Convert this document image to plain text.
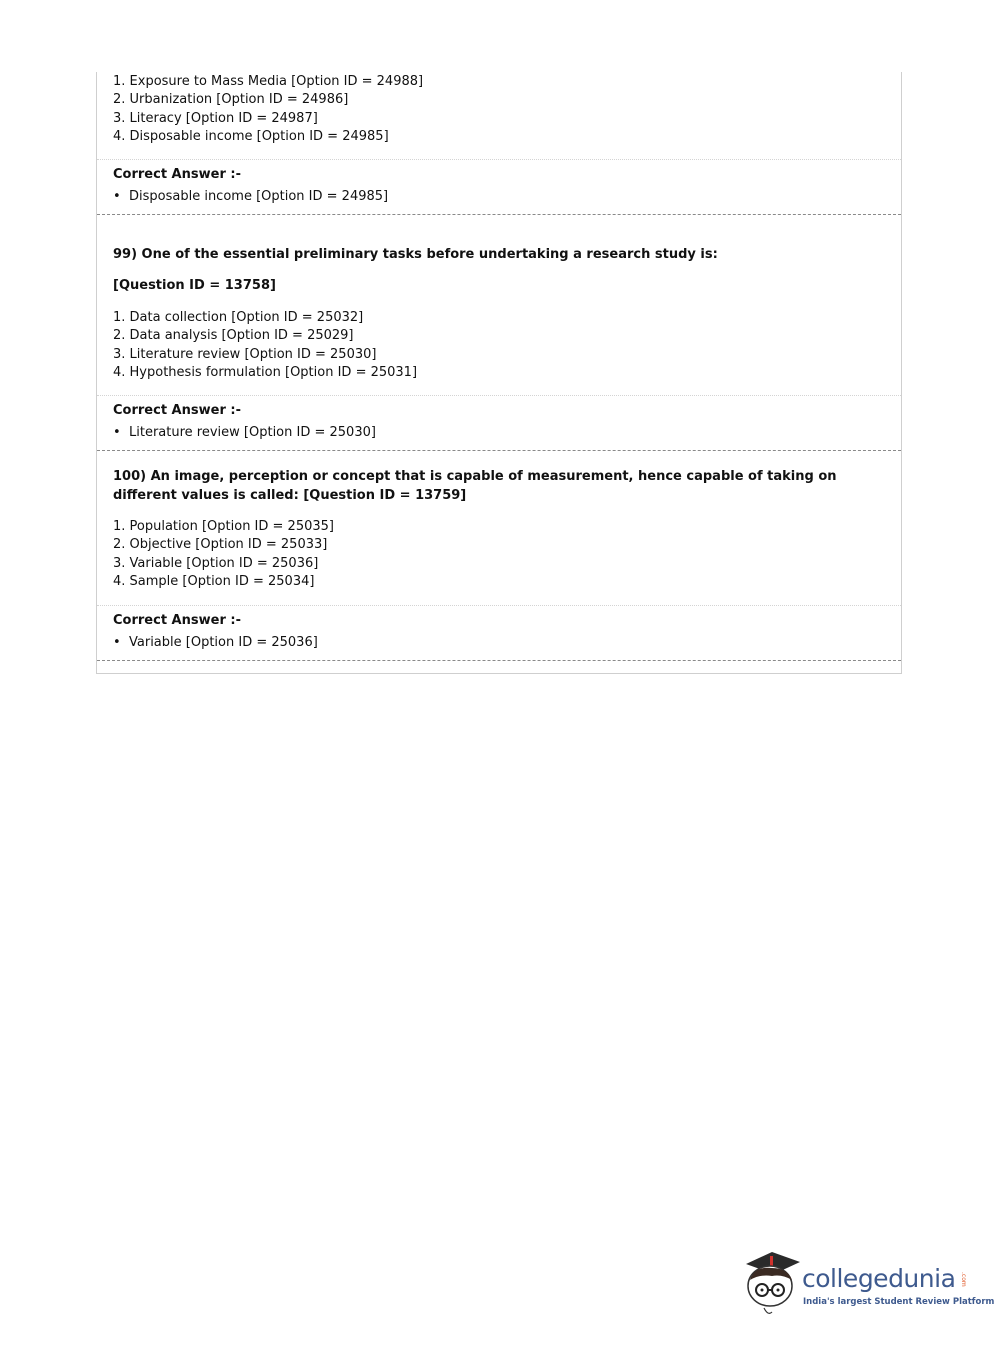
1. Exposure to Mass Media [Option ID = 24988]
2. Urbanization [Option ID = 24986]
3. Literacy [Option ID = 24987]
4. Disposable income [Option ID = 24985]
Correct Answer :-
• Disposable income [Option ID = 24985]
99) One of the essential preliminary tasks before undertaking a research study is:
[Question ID = 13758]
1. Data collection [Option ID = 25032]
2. Data analysis [Option ID = 25029]
3. Literature review [Option ID = 25030]
4. Hypothesis formulation [Option ID = 25031]
Correct Answer :-
• Literature review [Option ID = 25030]
100) An image, perception or concept that is capable of measurement, hence capable of taking on different values is called: [Question ID = 13759]
1. Population [Option ID = 25035]
2. Objective [Option ID = 25033]
3. Variable [Option ID = 25036]
4. Sample [Option ID = 25034]
Correct Answer :-
• Variable [Option ID = 25036]
collegedunia .com
India's largest Student Review Platform
